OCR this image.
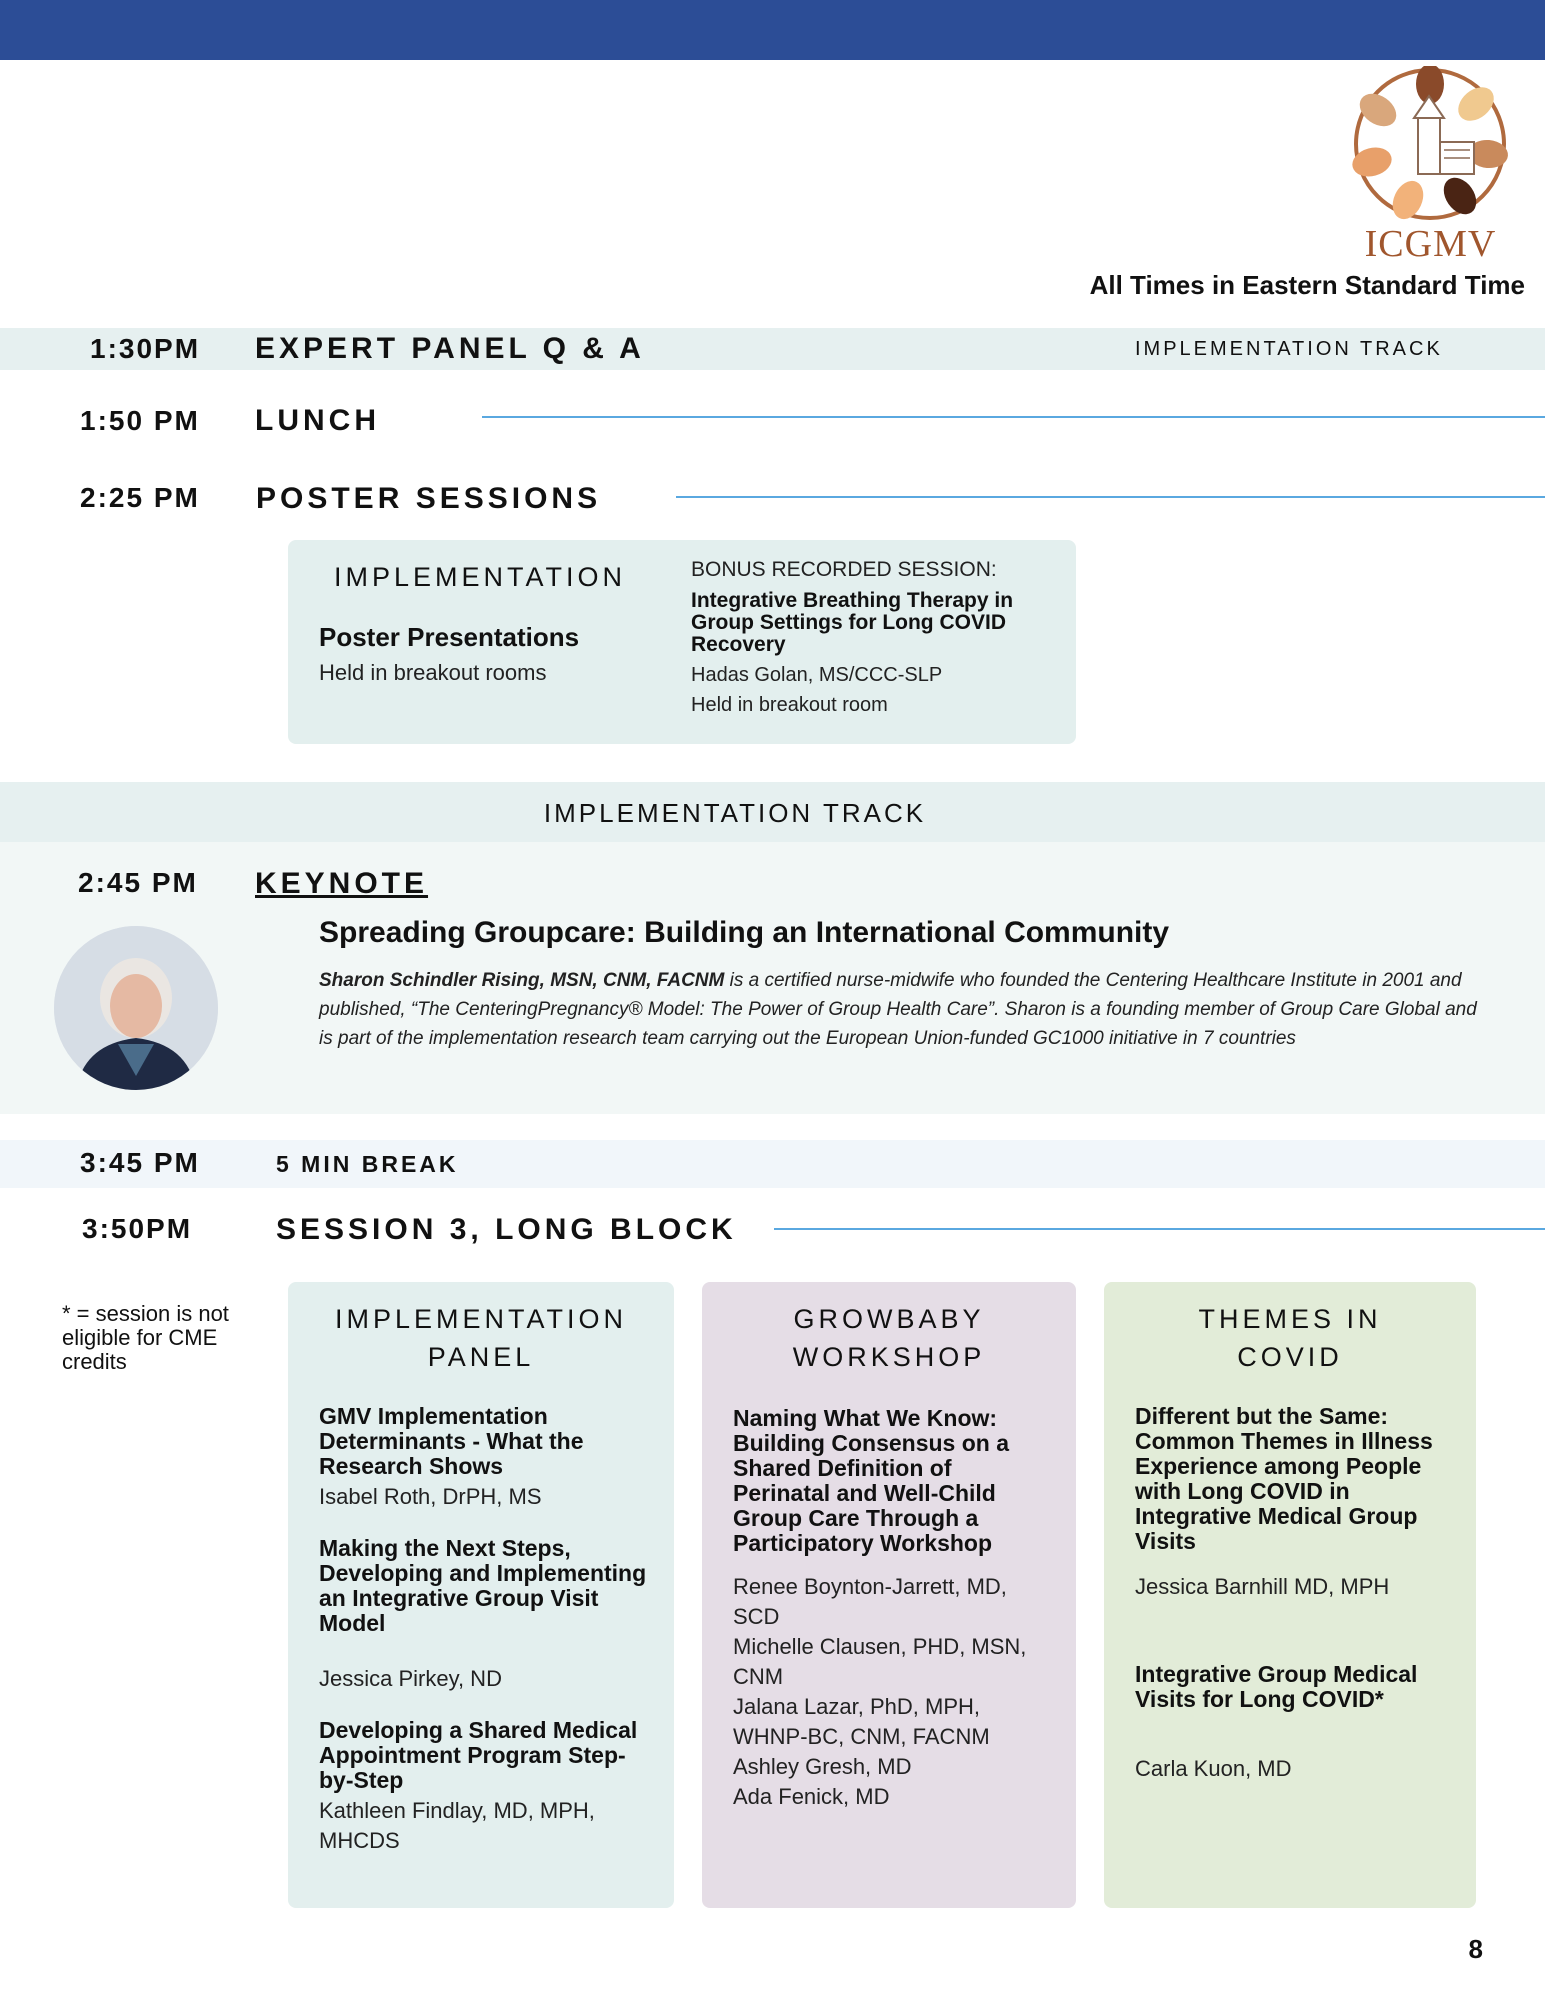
ICGMV
All Times in Eastern Standard Time
1:30PM EXPERT PANEL Q & A	IMPLEMENTATION TRACK
1:50 PM LUNCH
2:25 PM POSTER SESSIONS
IMPLEMENTATION
Poster Presentations
Held in breakout rooms
BONUS RECORDED SESSION:
Integrative Breathing Therapy in Group Settings for Long COVID Recovery
Hadas Golan, MS/CCC-SLP
Held in breakout room
IMPLEMENTATION TRACK
2:45 PM KEYNOTE
Spreading Groupcare: Building an International Community
Sharon Schindler Rising, MSN, CNM, FACNM is a certified nurse-midwife who founded the Centering Healthcare Institute in 2001 and published, “The CenteringPregnancy® Model: The Power of Group Health Care”. Sharon is a founding member of Group Care Global and is part of the implementation research team carrying out the European Union-funded GC1000 initiative in 7 countries
3:45 PM	5 MIN BREAK
3:50PM	SESSION 3, LONG BLOCK
* = session is not eligible for CME credits
IMPLEMENTATION PANEL
GMV Implementation Determinants - What the Research Shows
Isabel Roth, DrPH, MS
Making the Next Steps, Developing and Implementing an Integrative Group Visit Model
Jessica Pirkey, ND
Developing a Shared Medical Appointment Program Step-by-Step
Kathleen Findlay, MD, MPH, MHCDS
GROWBABY WORKSHOP
Naming What We Know: Building Consensus on a Shared Definition of Perinatal and Well-Child Group Care Through a Participatory Workshop
Renee Boynton-Jarrett, MD, SCD
Michelle Clausen, PHD, MSN, CNM
Jalana Lazar, PhD, MPH, WHNP-BC, CNM, FACNM
Ashley Gresh, MD
Ada Fenick, MD
THEMES IN COVID
Different but the Same: Common Themes in Illness Experience among People with Long COVID in Integrative Medical Group Visits
Jessica Barnhill MD, MPH
Integrative Group Medical Visits for Long COVID*
Carla Kuon, MD
8
